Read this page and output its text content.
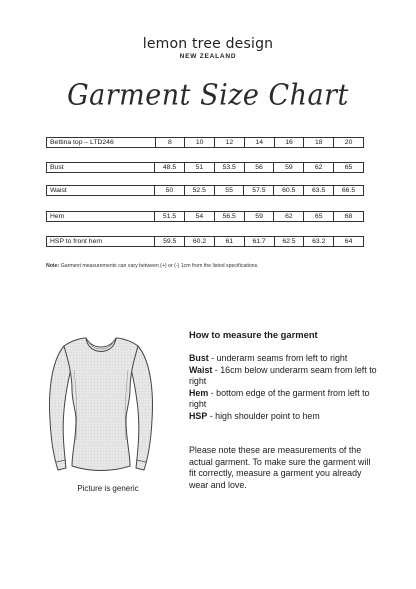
lemon tree design
NEW ZEALAND
Garment Size Chart
Bettina top – LTD246	8	10	12	14	16	18	20
Bust	48.5	51	53.5	56	59	62	65
Waist	50	52.5	55	57.5	60.5	63.5	66.5
Hem	51.5	54	56.5	59	62	65	68
HSP to front hem	59.5	60.2	61	61.7	62.5	63.2	64
Note: Garment measurements can vary between (+) or (-) 1cm from the listed specifications.
Picture is generic
How to measure the garment
Bust - underarm seams from left to right
Waist - 16cm below underarm seam from left to right
Hem - bottom edge of the garment from left to right
HSP - high shoulder point to hem
Please note these are measurements of the actual garment. To make sure the garment will fit correctly, measure a garment you already wear and love.
